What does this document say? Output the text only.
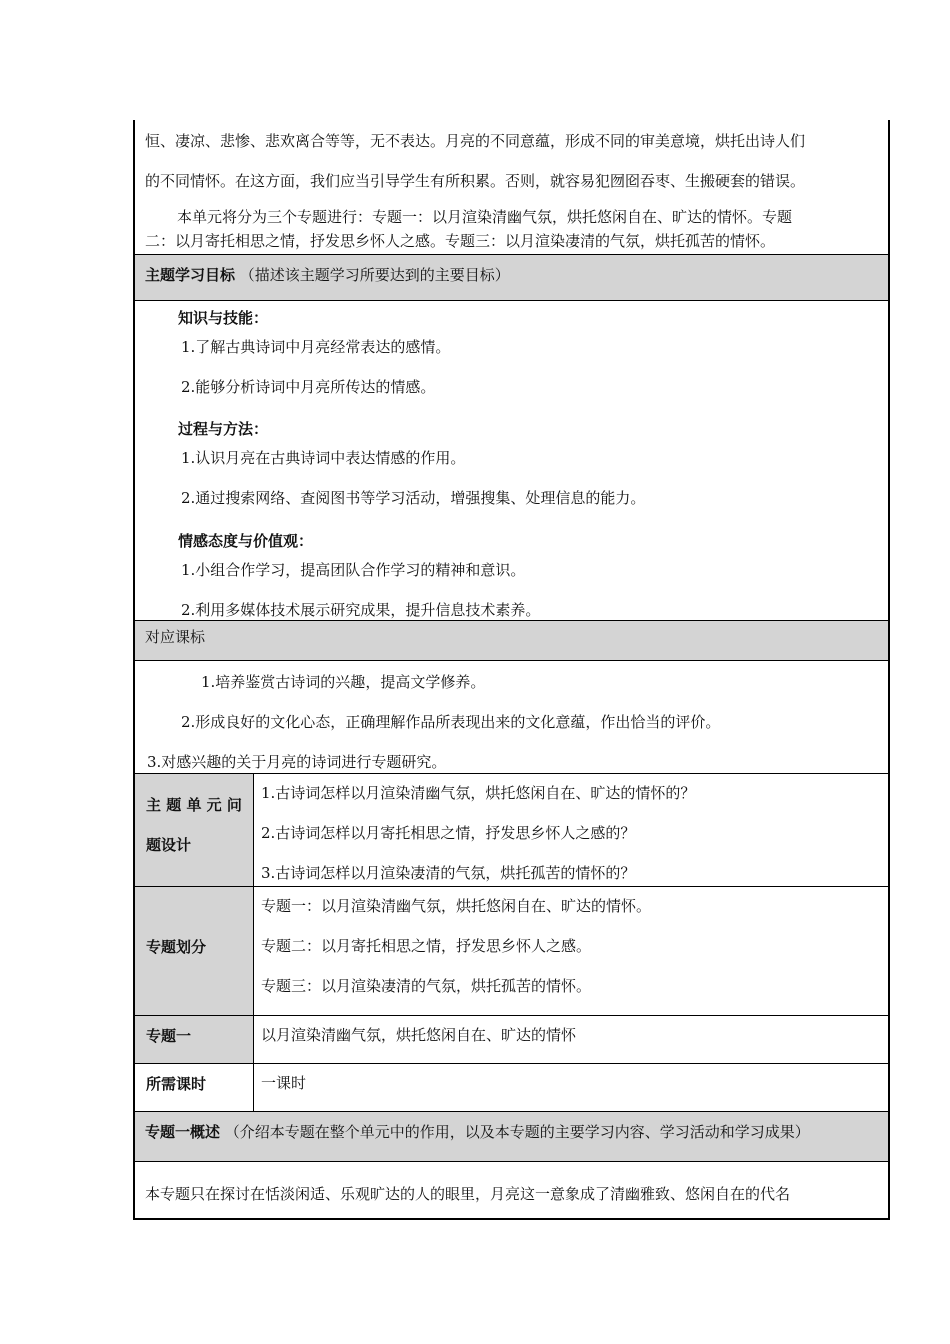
恒、凄凉、悲惨、悲欢离合等等，无不表达。月亮的不同意蕴，形成不同的审美意境，烘托出诗人们
的不同情怀。在这方面，我们应当引导学生有所积累。否则，就容易犯囫囵吞枣、生搬硬套的错误。
本单元将分为三个专题进行：专题一：以月渲染清幽气氛，烘托悠闲自在、旷达的情怀。专题
二：以月寄托相思之情，抒发思乡怀人之感。专题三：以月渲染凄清的气氛，烘托孤苦的情怀。
主题学习目标 （描述该主题学习所要达到的主要目标）
知识与技能：
1.了解古典诗词中月亮经常表达的感情。
2.能够分析诗词中月亮所传达的情感。
过程与方法：
1.认识月亮在古典诗词中表达情感的作用。
2.通过搜索网络、查阅图书等学习活动，增强搜集、处理信息的能力。
情感态度与价值观：
1.小组合作学习，提高团队合作学习的精神和意识。
2.利用多媒体技术展示研究成果，提升信息技术素养。
对应课标
1.培养鉴赏古诗词的兴趣，提高文学修养。
2.形成良好的文化心态，正确理解作品所表现出来的文化意蕴，作出恰当的评价。
3.对感兴趣的关于月亮的诗词进行专题研究。
主 题 单 元 问
题设计
1.古诗词怎样以月渲染清幽气氛，烘托悠闲自在、旷达的情怀的？
2.古诗词怎样以月寄托相思之情，抒发思乡怀人之感的？
3.古诗词怎样以月渲染凄清的气氛，烘托孤苦的情怀的？
专题划分
专题一：以月渲染清幽气氛，烘托悠闲自在、旷达的情怀。
专题二：以月寄托相思之情，抒发思乡怀人之感。
专题三：以月渲染凄清的气氛，烘托孤苦的情怀。
专题一	以月渲染清幽气氛，烘托悠闲自在、旷达的情怀
所需课时	一课时
专题一概述 （介绍本专题在整个单元中的作用，以及本专题的主要学习内容、学习活动和学习成果）
本专题只在探讨在恬淡闲适、乐观旷达的人的眼里，月亮这一意象成了清幽雅致、悠闲自在的代名
